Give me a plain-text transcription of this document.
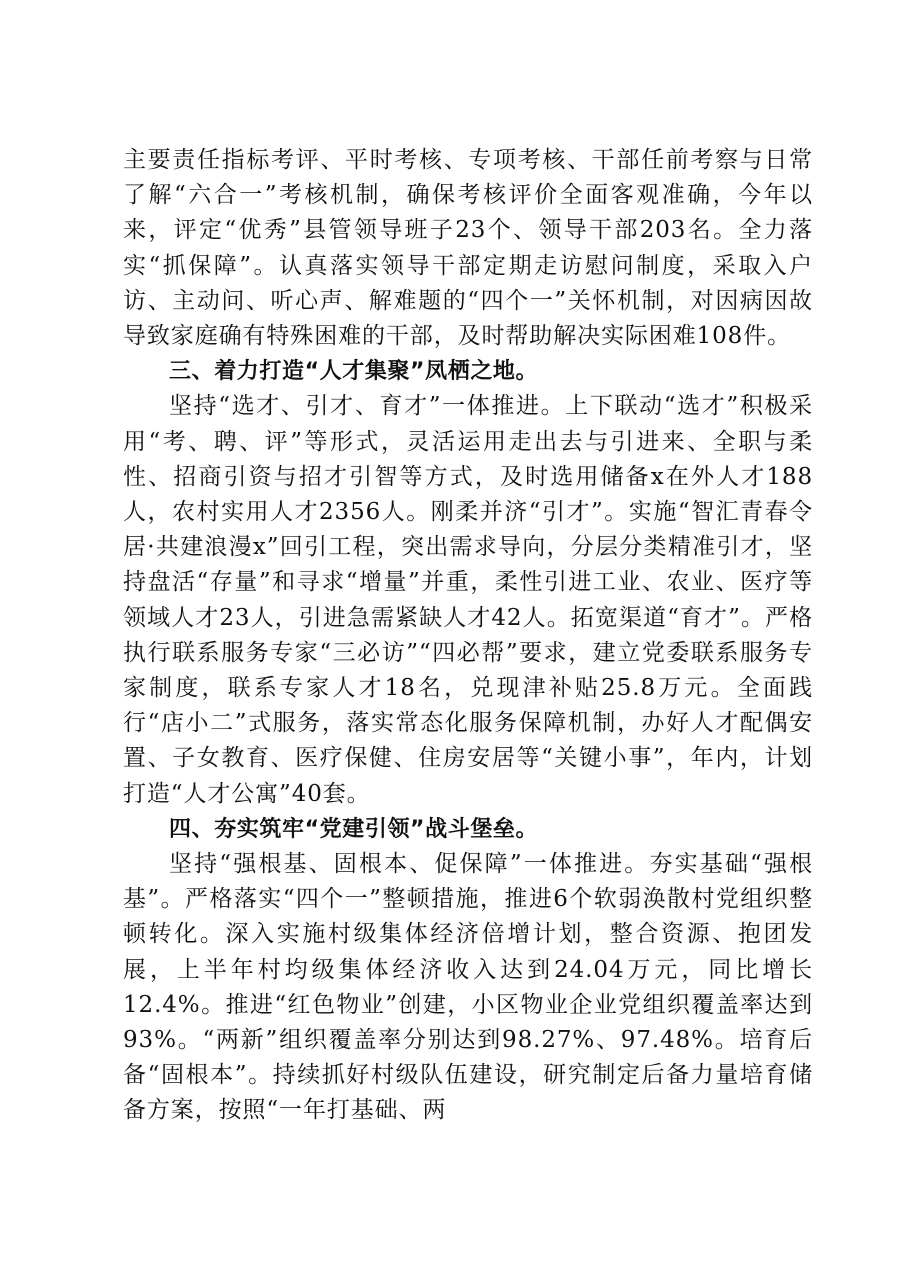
主要责任指标考评、平时考核、专项考核、干部任前考察与日常了解“六合一”考核机制，确保考核评价全面客观准确，今年以来，评定“优秀”县管领导班子23个、领导干部203名。全力落实“抓保障”。认真落实领导干部定期走访慰问制度，采取入户访、主动问、听心声、解难题的“四个一”关怀机制，对因病因故导致家庭确有特殊困难的干部，及时帮助解决实际困难108件。

三、着力打造“人才集聚”凤栖之地。

坚持“选才、引才、育才”一体推进。上下联动“选才”积极采用“考、聘、评”等形式，灵活运用走出去与引进来、全职与柔性、招商引资与招才引智等方式，及时选用储备x在外人才188人，农村实用人才2356人。刚柔并济“引才”。实施“智汇青春令居·共建浪漫x”回引工程，突出需求导向，分层分类精准引才，坚持盘活“存量”和寻求“增量”并重，柔性引进工业、农业、医疗等领域人才23人，引进急需紧缺人才42人。拓宽渠道“育才”。严格执行联系服务专家“三必访”“四必帮”要求，建立党委联系服务专家制度，联系专家人才18名，兑现津补贴25.8万元。全面践行“店小二”式服务，落实常态化服务保障机制，办好人才配偶安置、子女教育、医疗保健、住房安居等“关键小事”，年内，计划打造“人才公寓”40套。

四、夯实筑牢“党建引领”战斗堡垒。

坚持“强根基、固根本、促保障”一体推进。夯实基础“强根基”。严格落实“四个一”整顿措施，推进6个软弱涣散村党组织整顿转化。深入实施村级集体经济倍增计划，整合资源、抱团发展，上半年村均级集体经济收入达到24.04万元，同比增长12.4%。推进“红色物业”创建，小区物业企业党组织覆盖率达到93%。“两新”组织覆盖率分别达到98.27%、97.48%。培育后备“固根本”。持续抓好村级队伍建设，研究制定后备力量培育储备方案，按照“一年打基础、两
